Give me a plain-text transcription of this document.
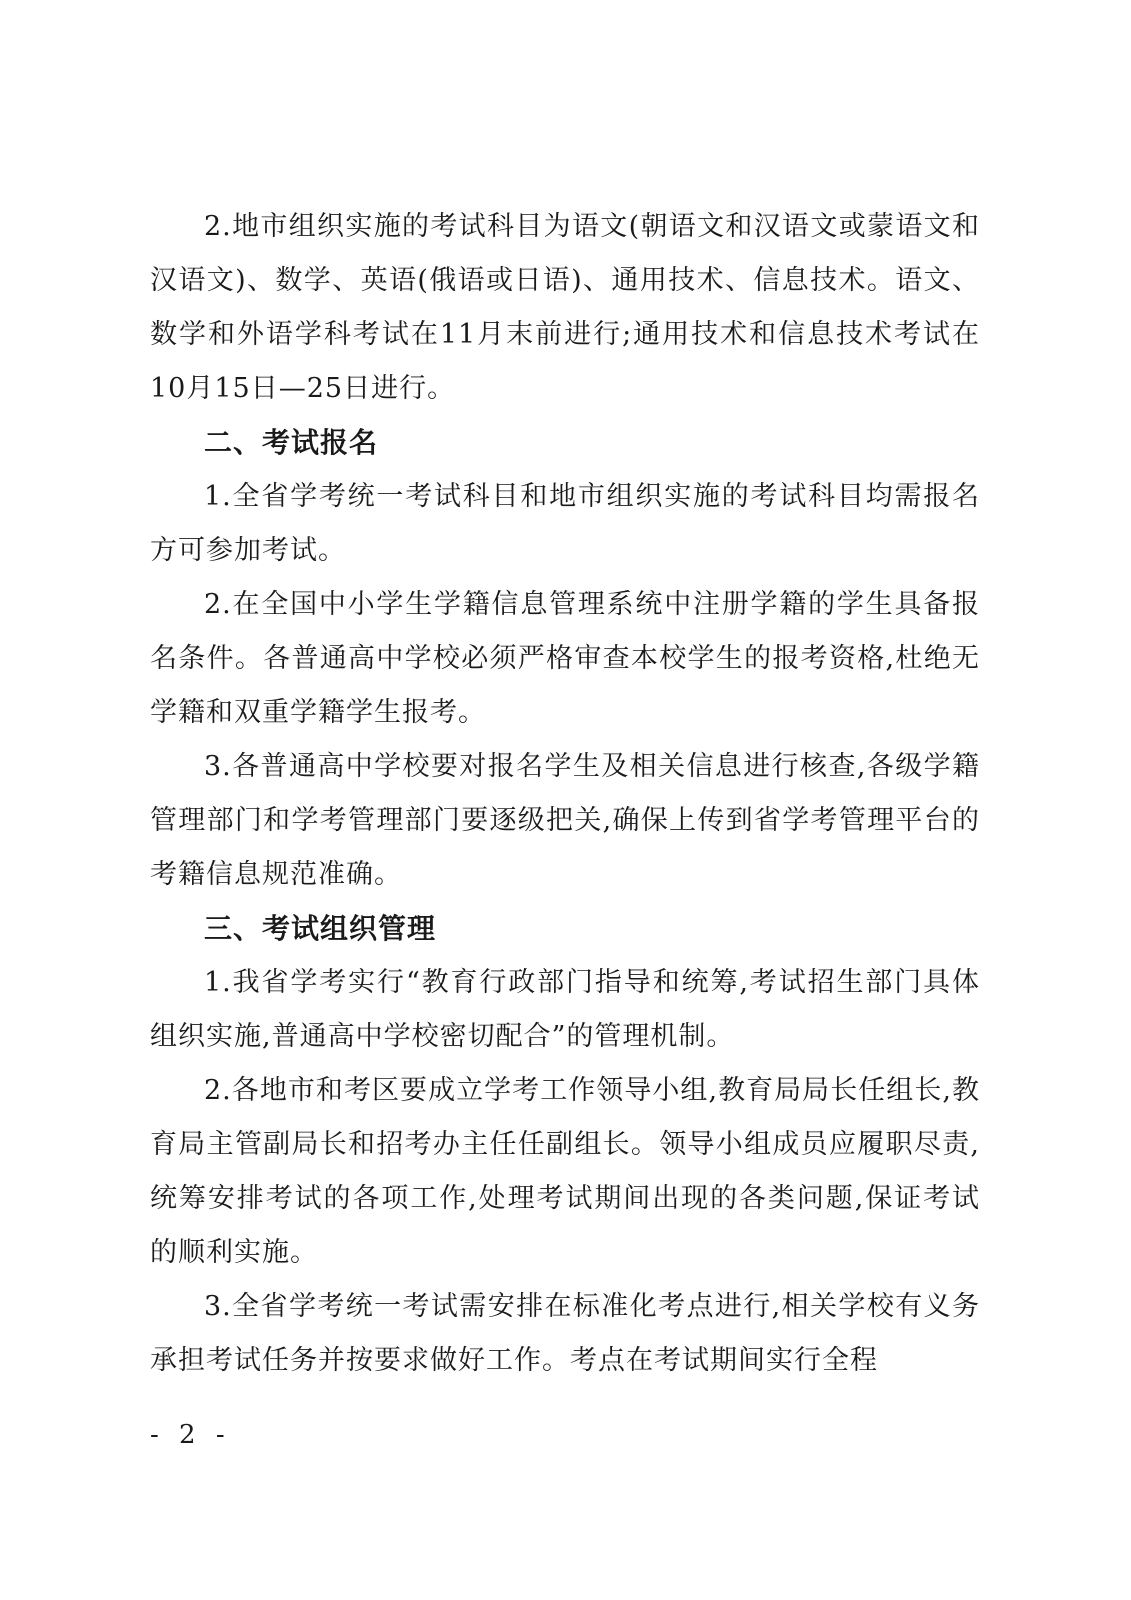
2.地市组织实施的考试科目为语文(朝语文和汉语文或蒙语文和汉语文)、数学、英语(俄语或日语)、通用技术、信息技术。语文、数学和外语学科考试在11月末前进行;通用技术和信息技术考试在10月15日—25日进行。

二、考试报名

1.全省学考统一考试科目和地市组织实施的考试科目均需报名方可参加考试。

2.在全国中小学生学籍信息管理系统中注册学籍的学生具备报名条件。各普通高中学校必须严格审查本校学生的报考资格,杜绝无学籍和双重学籍学生报考。

3.各普通高中学校要对报名学生及相关信息进行核查,各级学籍管理部门和学考管理部门要逐级把关,确保上传到省学考管理平台的考籍信息规范准确。

三、考试组织管理

1.我省学考实行“教育行政部门指导和统筹,考试招生部门具体组织实施,普通高中学校密切配合”的管理机制。

2.各地市和考区要成立学考工作领导小组,教育局局长任组长,教育局主管副局长和招考办主任任副组长。领导小组成员应履职尽责,统筹安排考试的各项工作,处理考试期间出现的各类问题,保证考试的顺利实施。

3.全省学考统一考试需安排在标准化考点进行,相关学校有义务承担考试任务并按要求做好工作。考点在考试期间实行全程

- 2 -
